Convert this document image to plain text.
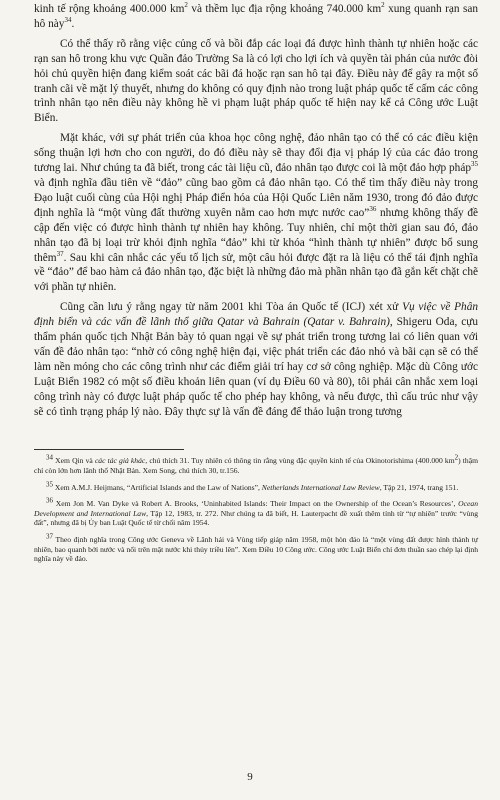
kinh tế rộng khoảng 400.000 $km^2$ và thềm lục địa rộng khoảng 740.000 $km^2$ xung quanh rạn san hô này$^{34}$.

Có thể thấy rõ rằng việc củng cố và bồi đắp các loại đá được hình thành tự nhiên hoặc các rạn san hô trong khu vực Quần đảo Trường Sa là có lợi cho lợi ích và quyền tài phán của nước đòi hỏi chủ quyền hiện đang kiểm soát các bãi đá hoặc rạn san hô tại đây. Điều này để gây ra một số tranh cãi về mặt lý thuyết, nhưng do không có quy định nào trong luật pháp quốc tế cấm các công trình nhân tạo nên điều này không hề vi phạm luật pháp quốc tế hiện nay kể cả Công ước Luật Biển.

Mặt khác, với sự phát triển của khoa học công nghệ, đảo nhân tạo có thể có các điều kiện sống thuận lợi hơn cho con người, do đó điều này sẽ thay đổi địa vị pháp lý của các đảo trong tương lai. Như chúng ta đã biết, trong các tài liệu cũ, đảo nhân tạo được coi là một đảo hợp pháp$^{35}$ và định nghĩa đầu tiên về “đảo” cũng bao gồm cả đảo nhân tạo. Có thể tìm thấy điều này trong Đạo luật cuối cùng của Hội nghị Pháp điển hóa của Hội Quốc Liên năm 1930, trong đó đảo được định nghĩa là “một vùng đất thường xuyên nằm cao hơn mực nước cao”$^{36}$ nhưng không thấy đề cập đến việc có được hình thành tự nhiên hay không. Tuy nhiên, chỉ một thời gian sau đó, đảo nhân tạo đã bị loại trừ khỏi định nghĩa “đảo” khi từ khóa “hình thành tự nhiên” được bổ sung thêm$^{37}$. Sau khi cân nhắc các yếu tố lịch sử, một câu hỏi được đặt ra là liệu có thể tái định nghĩa về “đảo” để bao hàm cả đảo nhân tạo, đặc biệt là những đảo mà phần nhân tạo đã gắn kết chặt chẽ với phần tự nhiên.

Cũng cần lưu ý rằng ngay từ năm 2001 khi Tòa án Quốc tế (ICJ) xét xử Vụ việc về Phân định biển và các vấn đề lãnh thổ giữa Qatar và Bahrain (Qatar v. Bahrain), Shigeru Oda, cựu thẩm phán quốc tịch Nhật Bản bày tỏ quan ngại về sự phát triển trong tương lai có liên quan với vấn đề đảo nhân tạo: “nhờ có công nghệ hiện đại, việc phát triển các đảo nhỏ và bãi cạn sẽ có thể làm nền móng cho các công trình như các điểm giải trí hay cơ sở công nghiệp. Mặc dù Công ước Luật Biển 1982 có một số điều khoản liên quan (ví dụ Điều 60 và 80), tôi phải cân nhắc xem loại công trình này có được luật pháp quốc tế cho phép hay không, và nếu được, thì cấu trúc như vậy sẽ có tình trạng pháp lý nào. Đây thực sự là vấn đề đáng để thảo luận trong tương

$^{34}$ Xem Qin và các tác giả khác, chú thích 31. Tuy nhiên có thông tin rằng vùng đặc quyền kinh tế của Okinotorishima (400.000 $km^2$) thậm chí còn lớn hơn lãnh thổ Nhật Bản. Xem Song, chú thích 30, tr.156.

$^{35}$ Xem A.M.J. Heijmans, “Artificial Islands and the Law of Nations”, Netherlands International Law Review, Tập 21, 1974, trang 151.

$^{36}$ Xem Jon M. Van Dyke và Robert A. Brooks, ‘Uninhabited Islands: Their Impact on the Ownership of the Ocean’s Resources’, Ocean Development and International Law, Tập 12, 1983, tr. 272. Như chúng ta đã biết, H. Lauterpacht đề xuất thêm tính từ “tự nhiên” trước “vùng đất”, nhưng đã bị Ủy ban Luật Quốc tế từ chối năm 1954.

$^{37}$ Theo định nghĩa trong Công ước Geneva về Lãnh hải và Vùng tiếp giáp năm 1958, một hòn đảo là “một vùng đất được hình thành tự nhiên, bao quanh bởi nước và nổi trên mặt nước khi thủy triều lên”. Xem Điều 10 Công ước. Công ước Luật Biển chỉ đơn thuần sao chép lại định nghĩa này về đảo.

9
